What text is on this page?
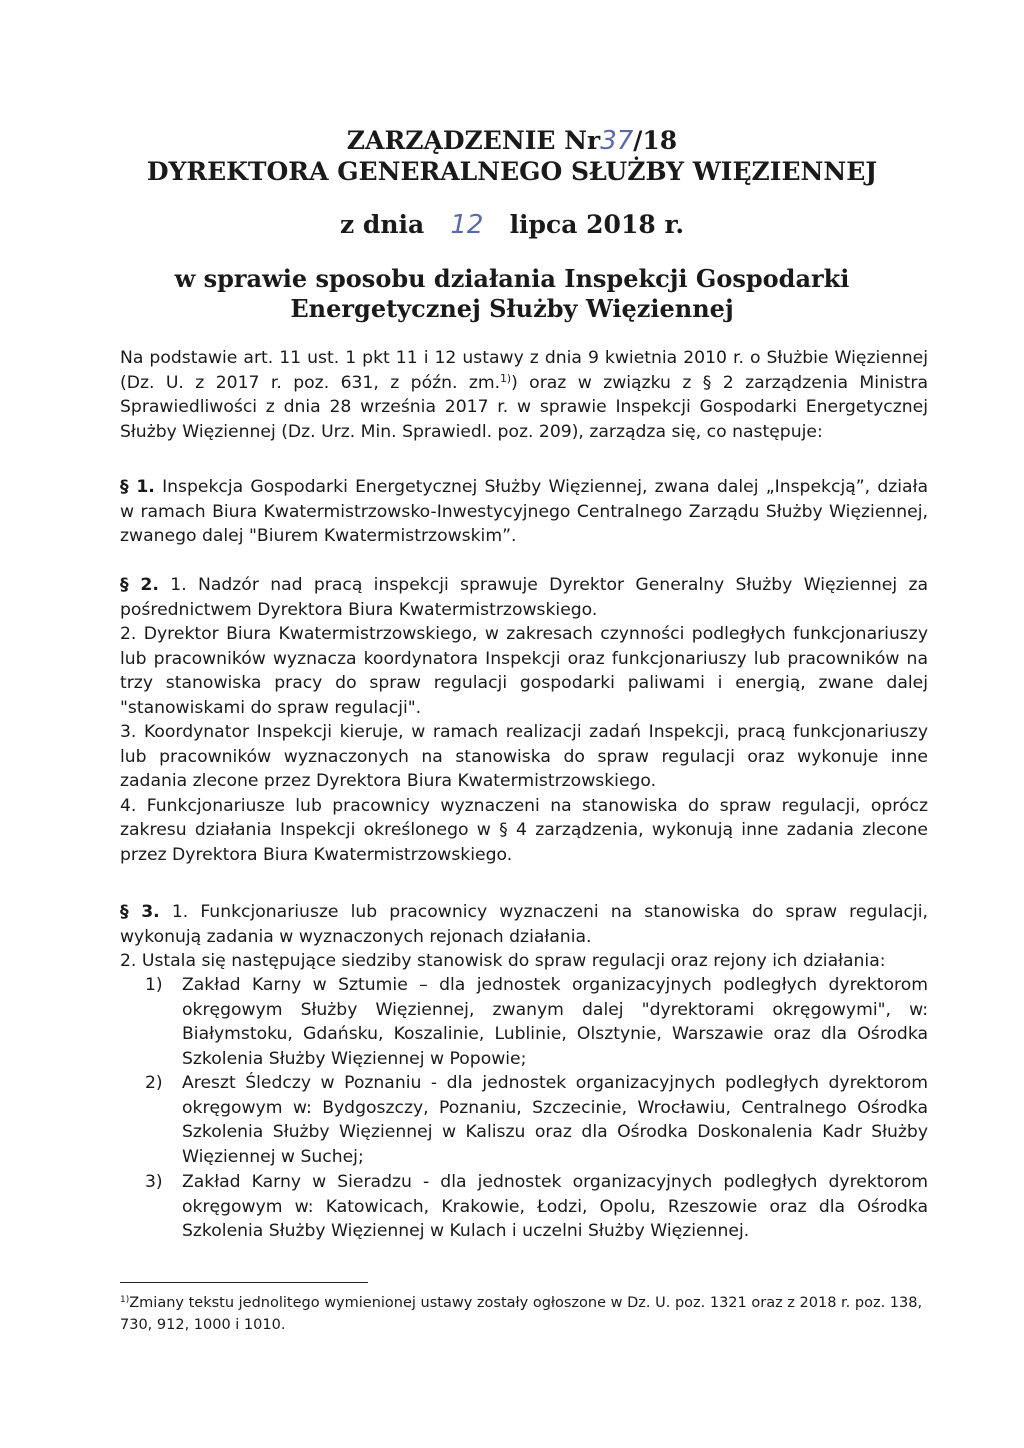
ZARZĄDZENIE Nr37/18
DYREKTORA GENERALNEGO SŁUŻBY WIĘZIENNEJ
z dnia 12 lipca 2018 r.
w sprawie sposobu działania Inspekcji Gospodarki
Energetycznej Służby Więziennej
Na podstawie art. 11 ust. 1 pkt 11 i 12 ustawy z dnia 9 kwietnia 2010 r. o Służbie Więziennej (Dz. U. z 2017 r. poz. 631, z późn. zm.$^{1)}$) oraz w związku z § 2 zarządzenia Ministra Sprawiedliwości z dnia 28 września 2017 r. w sprawie Inspekcji Gospodarki Energetycznej Służby Więziennej (Dz. Urz. Min. Sprawiedl. poz. 209), zarządza się, co następuje:
§ 1. Inspekcja Gospodarki Energetycznej Służby Więziennej, zwana dalej „Inspekcją”, działa w ramach Biura Kwatermistrzowsko-Inwestycyjnego Centralnego Zarządu Służby Więziennej, zwanego dalej "Biurem Kwatermistrzowskim”.

§ 2. 1. Nadzór nad pracą inspekcji sprawuje Dyrektor Generalny Służby Więziennej za pośrednictwem Dyrektora Biura Kwatermistrzowskiego.

2. Dyrektor Biura Kwatermistrzowskiego, w zakresach czynności podległych funkcjonariuszy lub pracowników wyznacza koordynatora Inspekcji oraz funkcjonariuszy lub pracowników na trzy stanowiska pracy do spraw regulacji gospodarki paliwami i energią, zwane dalej "stanowiskami do spraw regulacji".

3. Koordynator Inspekcji kieruje, w ramach realizacji zadań Inspekcji, pracą funkcjonariuszy lub pracowników wyznaczonych na stanowiska do spraw regulacji oraz wykonuje inne zadania zlecone przez Dyrektora Biura Kwatermistrzowskiego.

4. Funkcjonariusze lub pracownicy wyznaczeni na stanowiska do spraw regulacji, oprócz zakresu działania Inspekcji określonego w § 4 zarządzenia, wykonują inne zadania zlecone przez Dyrektora Biura Kwatermistrzowskiego.

§ 3. 1. Funkcjonariusze lub pracownicy wyznaczeni na stanowiska do spraw regulacji, wykonują zadania w wyznaczonych rejonach działania.

2. Ustala się następujące siedziby stanowisk do spraw regulacji oraz rejony ich działania:

1)	Zakład Karny w Sztumie – dla jednostek organizacyjnych podległych dyrektorom okręgowym Służby Więziennej, zwanym dalej "dyrektorami okręgowymi", w: Białymstoku, Gdańsku, Koszalinie, Lublinie, Olsztynie, Warszawie oraz dla Ośrodka Szkolenia Służby Więziennej w Popowie;
2)	Areszt Śledczy w Poznaniu - dla jednostek organizacyjnych podległych dyrektorom okręgowym w: Bydgoszczy, Poznaniu, Szczecinie, Wrocławiu, Centralnego Ośrodka Szkolenia Służby Więziennej w Kaliszu oraz dla Ośrodka Doskonalenia Kadr Służby Więziennej w Suchej;
3)	Zakład Karny w Sieradzu - dla jednostek organizacyjnych podległych dyrektorom okręgowym w: Katowicach, Krakowie, Łodzi, Opolu, Rzeszowie oraz dla Ośrodka Szkolenia Służby Więziennej w Kulach i uczelni Służby Więziennej.
$^{1)}$Zmiany tekstu jednolitego wymienionej ustawy zostały ogłoszone w Dz. U. poz. 1321 oraz z 2018 r. poz. 138, 730, 912, 1000 i 1010.
